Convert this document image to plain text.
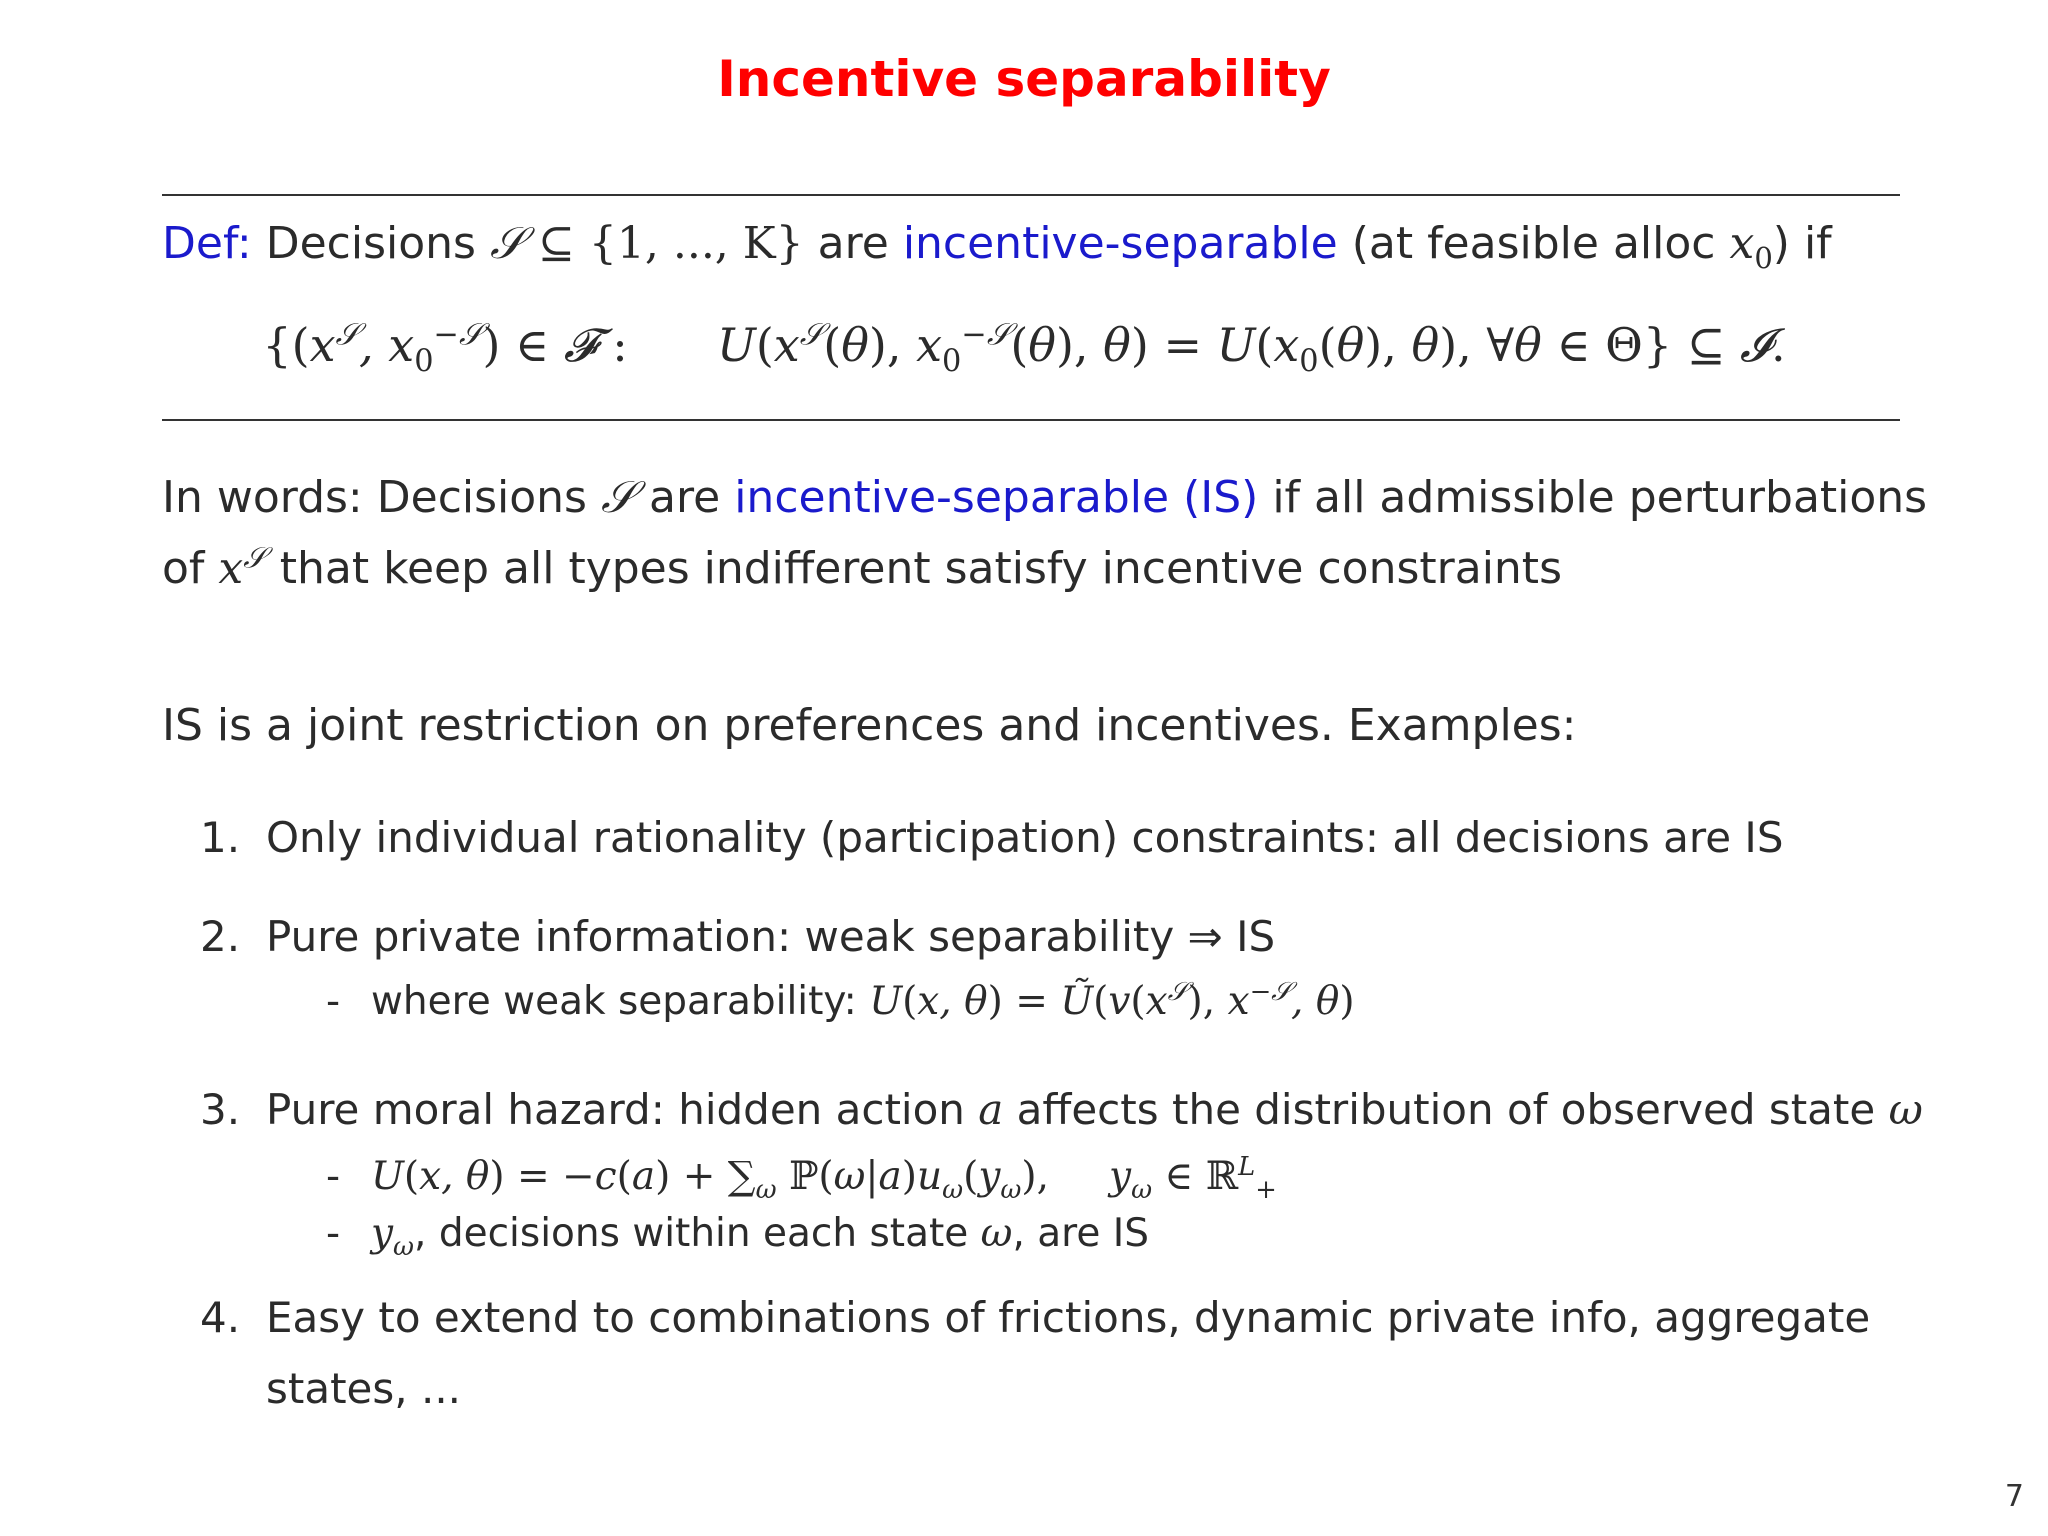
Incentive separability
Def: Decisions 𝒮 ⊆ {1, ..., K} are incentive-separable (at feasible alloc $x_0$) if
{($x^𝒮$, $x_0^{-𝒮}$) ∈ 𝓕 :  $U(x^𝒮(\theta)$, $x_0^{-𝒮}(\theta)$, $\theta) = U(x_0(\theta)$, θ), ∀θ ∈ Θ} ⊆ 𝓘.
In words: Decisions 𝒮 are incentive-separable (IS) if all admissible perturbations
of $x^𝒮$ that keep all types indifferent satisfy incentive constraints
IS is a joint restriction on preferences and incentives. Examples:
1. Only individual rationality (participation) constraints: all decisions are IS
2. Pure private information: weak separability ⇒ IS
- where weak separability: U(x, $\theta) = Ũ(v(x^𝒮)$, $x^{-𝒮}$, θ)
3. Pure moral hazard: hidden action a affects the distribution of observed state ω
- U(x, $\theta) = -c(a) + \sum_\omega$ $ℙ(\omega|a)u_\omega(y_\omega)$, $y_\omega$ ∈ ℝ$^L_+$
- $y_\omega$, decisions within each state ω, are IS
4. Easy to extend to combinations of frictions, dynamic private info, aggregate
states, ...
7
